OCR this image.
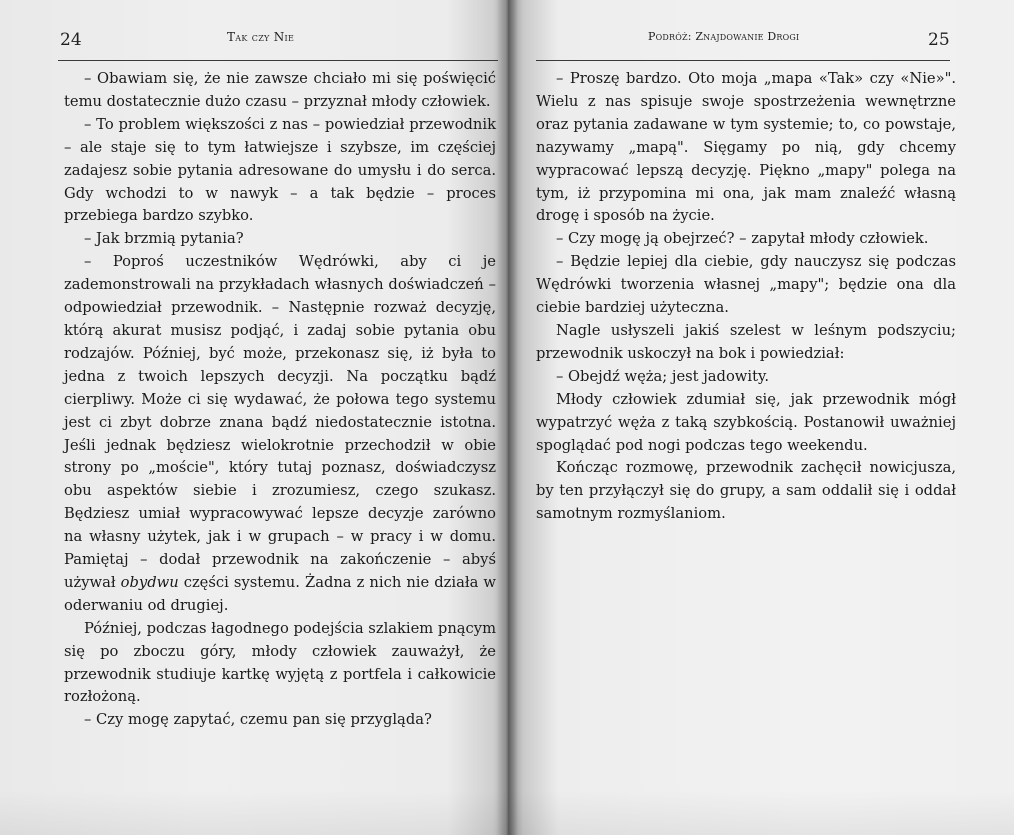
24	Tak czy Nie

– Obawiam się, że nie zawsze chciało mi się poświęcić temu dostatecznie dużo czasu – przyznał młody człowiek.

– To problem większości z nas – powiedział przewodnik – ale staje się to tym łatwiejsze i szybsze, im częściej zadajesz sobie pytania adresowane do umysłu i do serca. Gdy wchodzi to w nawyk – a tak będzie – proces przebiega bardzo szybko.

– Jak brzmią pytania?

– Poproś uczestników Wędrówki, aby ci je zademonstrowali na przykładach własnych doświadczeń – odpowiedział przewodnik. – Następnie rozważ decyzję, którą akurat musisz podjąć, i zadaj sobie pytania obu rodzajów. Później, być może, przekonasz się, iż była to jedna z twoich lepszych decyzji. Na początku bądź cierpliwy. Może ci się wydawać, że połowa tego systemu jest ci zbyt dobrze znana bądź niedostatecznie istotna. Jeśli jednak będziesz wielokrotnie przechodził w obie strony po „moście", który tutaj poznasz, doświadczysz obu aspektów siebie i zrozumiesz, czego szukasz. Będziesz umiał wypracowywać lepsze decyzje zarówno na własny użytek, jak i w grupach – w pracy i w domu. Pamiętaj – dodał przewodnik na zakończenie – abyś używał obydwu części systemu. Żadna z nich nie działa w oderwaniu od drugiej.

Później, podczas łagodnego podejścia szlakiem pnącym się po zboczu góry, młody człowiek zauważył, że przewodnik studiuje kartkę wyjętą z portfela i całkowicie rozłożoną.

– Czy mogę zapytać, czemu pan się przygląda?

Podróż: Znajdowanie Drogi	25

– Proszę bardzo. Oto moja „mapa «Tak» czy «Nie»". Wielu z nas spisuje swoje spostrzeżenia wewnętrzne oraz pytania zadawane w tym systemie; to, co powstaje, nazywamy „mapą". Sięgamy po nią, gdy chcemy wypracować lepszą decyzję. Piękno „mapy" polega na tym, iż przypomina mi ona, jak mam znaleźć własną drogę i sposób na życie.

– Czy mogę ją obejrzeć? – zapytał młody człowiek.

– Będzie lepiej dla ciebie, gdy nauczysz się podczas Wędrówki tworzenia własnej „mapy"; będzie ona dla ciebie bardziej użyteczna.

Nagle usłyszeli jakiś szelest w leśnym podszyciu; przewodnik uskoczył na bok i powiedział:

– Obejdź węża; jest jadowity.

Młody człowiek zdumiał się, jak przewodnik mógł wypatrzyć węża z taką szybkością. Postanowił uważniej spoglądać pod nogi podczas tego weekendu.

Kończąc rozmowę, przewodnik zachęcił nowicjusza, by ten przyłączył się do grupy, a sam oddalił się i oddał samotnym rozmyślaniom.
